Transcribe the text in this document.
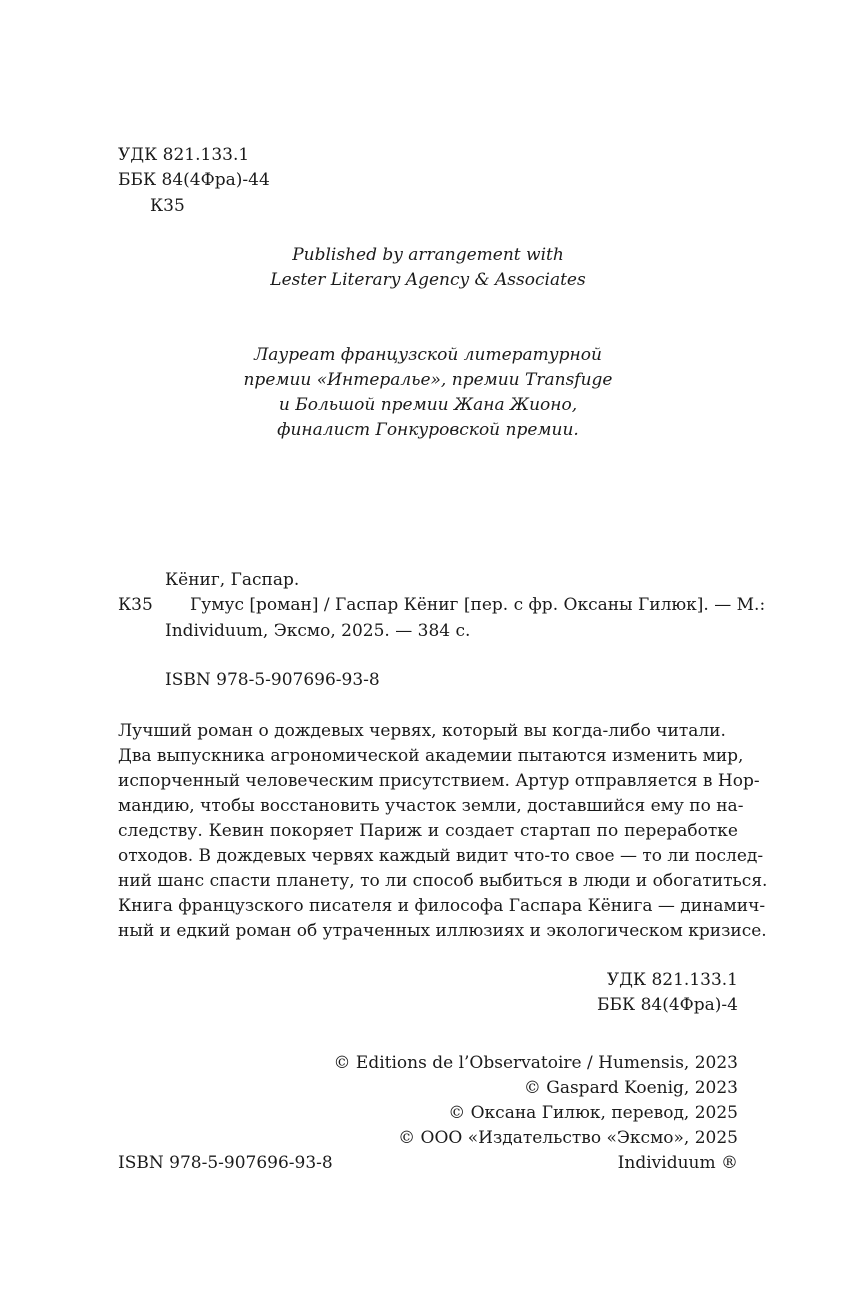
УДК 821.133.1
ББК 84(4Фра)-44
К35
Published by arrangement with
Lester Literary Agency & Associates
Лауреат французской литературной
премии «Интералье», премии Transfuge
и Большой премии Жана Жионо,
финалист Гонкуровской премии.
Кёниг, Гаспар.
К35 Гумус [роман] / Гаспар Кёниг [пер. с фр. Оксаны Гилюк]. — М.:
Individuum, Эксмо, 2025. — 384 с.
ISBN 978-5-907696-93-8
Лучший роман о дождевых червях, который вы когда-либо читали.
Два выпускника агрономической академии пытаются изменить мир,
испорченный человеческим присутствием. Артур отправляется в Нор-
мандию, чтобы восстановить участок земли, доставшийся ему по на-
следству. Кевин покоряет Париж и создает стартап по переработке
отходов. В дождевых червях каждый видит что-то свое — то ли послед-
ний шанс спасти планету, то ли способ выбиться в люди и обогатиться.
Книга французского писателя и философа Гаспара Кёнига — динамич-
ный и едкий роман об утраченных иллюзиях и экологическом кризисе.
УДК 821.133.1
ББК 84(4Фра)-4
© Editions de l’Observatoire / Humensis, 2023
© Gaspard Koenig, 2023
© Оксана Гилюк, перевод, 2025
© ООО «Издательство «Эксмо», 2025
Individuum ®
ISBN 978-5-907696-93-8
